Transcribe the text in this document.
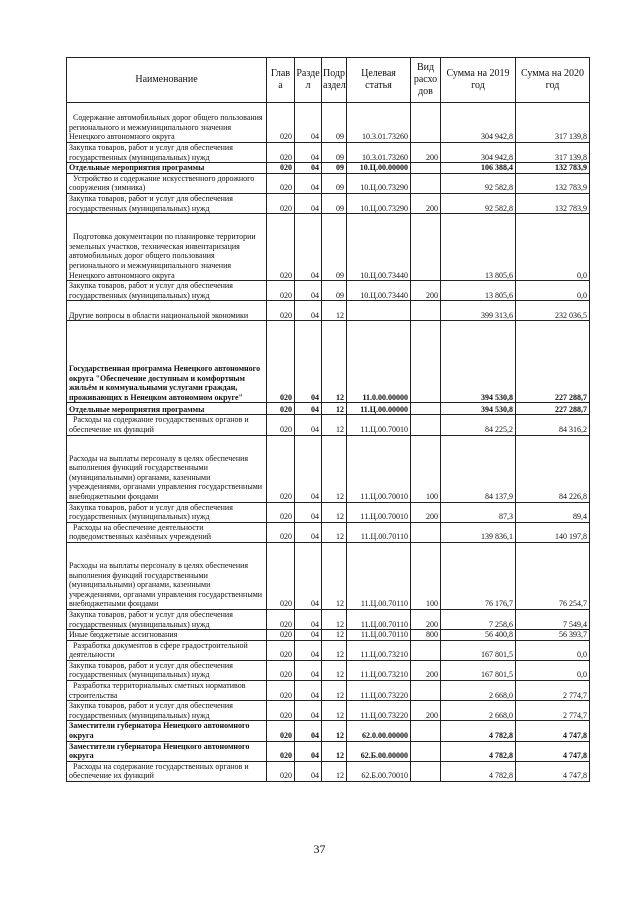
Наименование	Глав а	Разде л	Подр аздел	Целевая статья	Вид расхо дов	Сумма на 2019 год	Сумма на 2020 год
Содержание автомобильных дорог общего пользования регионального и межмуниципального значения Ненецкого автономного округа	020	04	09	10.3.01.73260		304 942,8	317 139,8
Закупка товаров, работ и услуг для обеспечения государственных (муниципальных) нужд	020	04	09	10.3.01.73260	200	304 942,8	317 139,8
Отдельные мероприятия программы	020	04	09	10.Ц.00.00000		106 388,4	132 783,9
Устройство и содержание искусственного дорожного сооружения (зимника)	020	04	09	10.Ц.00.73290		92 582,8	132 783,9
Закупка товаров, работ и услуг для обеспечения государственных (муниципальных) нужд	020	04	09	10.Ц.00.73290	200	92 582,8	132 783,9
Подготовка документации по планировке территории земельных участков, техническая инвентаризация автомобильных дорог общего пользования регионального и межмуниципального значения Ненецкого автономного округа	020	04	09	10.Ц.00.73440		13 805,6	0,0
Закупка товаров, работ и услуг для обеспечения государственных (муниципальных) нужд	020	04	09	10.Ц.00.73440	200	13 805,6	0,0
Другие вопросы в области национальной экономики	020	04	12			399 313,6	232 036,5
Государственная программа Ненецкого автономного округа "Обеспечение доступным и комфортным жильём и коммунальными услугами граждан, проживающих в Ненецком автономном округе"	020	04	12	11.0.00.00000		394 530,8	227 288,7
Отдельные мероприятия программы	020	04	12	11.Ц.00.00000		394 530,8	227 288,7
Расходы на содержание государственных органов и обеспечение их функций	020	04	12	11.Ц.00.70010		84 225,2	84 316,2
Расходы на выплаты персоналу в целях обеспечения выполнения функций государственными (муниципальными) органами, казенными учреждениями, органами управления государственными внебюджетными фондами	020	04	12	11.Ц.00.70010	100	84 137,9	84 226,8
Закупка товаров, работ и услуг для обеспечения государственных (муниципальных) нужд	020	04	12	11.Ц.00.70010	200	87,3	89,4
Расходы на обеспечение деятельности подведомственных казённых учреждений	020	04	12	11.Ц.00.70110		139 836,1	140 197,8
Расходы на выплаты персоналу в целях обеспечения выполнения функций государственными (муниципальными) органами, казенными учреждениями, органами управления государственными внебюджетными фондами	020	04	12	11.Ц.00.70110	100	76 176,7	76 254,7
Закупка товаров, работ и услуг для обеспечения государственных (муниципальных) нужд	020	04	12	11.Ц.00.70110	200	7 258,6	7 549,4
Иные бюджетные ассигнования	020	04	12	11.Ц.00.70110	800	56 400,8	56 393,7
Разработка документов в сфере градостроительной деятельности	020	04	12	11.Ц.00.73210		167 801,5	0,0
Закупка товаров, работ и услуг для обеспечения государственных (муниципальных) нужд	020	04	12	11.Ц.00.73210	200	167 801,5	0,0
Разработка территориальных сметных нормативов строительства	020	04	12	11.Ц.00.73220		2 668,0	2 774,7
Закупка товаров, работ и услуг для обеспечения государственных (муниципальных) нужд	020	04	12	11.Ц.00.73220	200	2 668,0	2 774,7
Заместители губернатора Ненецкого автономного округа	020	04	12	62.0.00.00000		4 782,8	4 747,8
Заместители губернатора Ненецкого автономного округа	020	04	12	62.Б.00.00000		4 782,8	4 747,8
Расходы на содержание государственных органов и обеспечение их функций	020	04	12	62.Б.00.70010		4 782,8	4 747,8
37
